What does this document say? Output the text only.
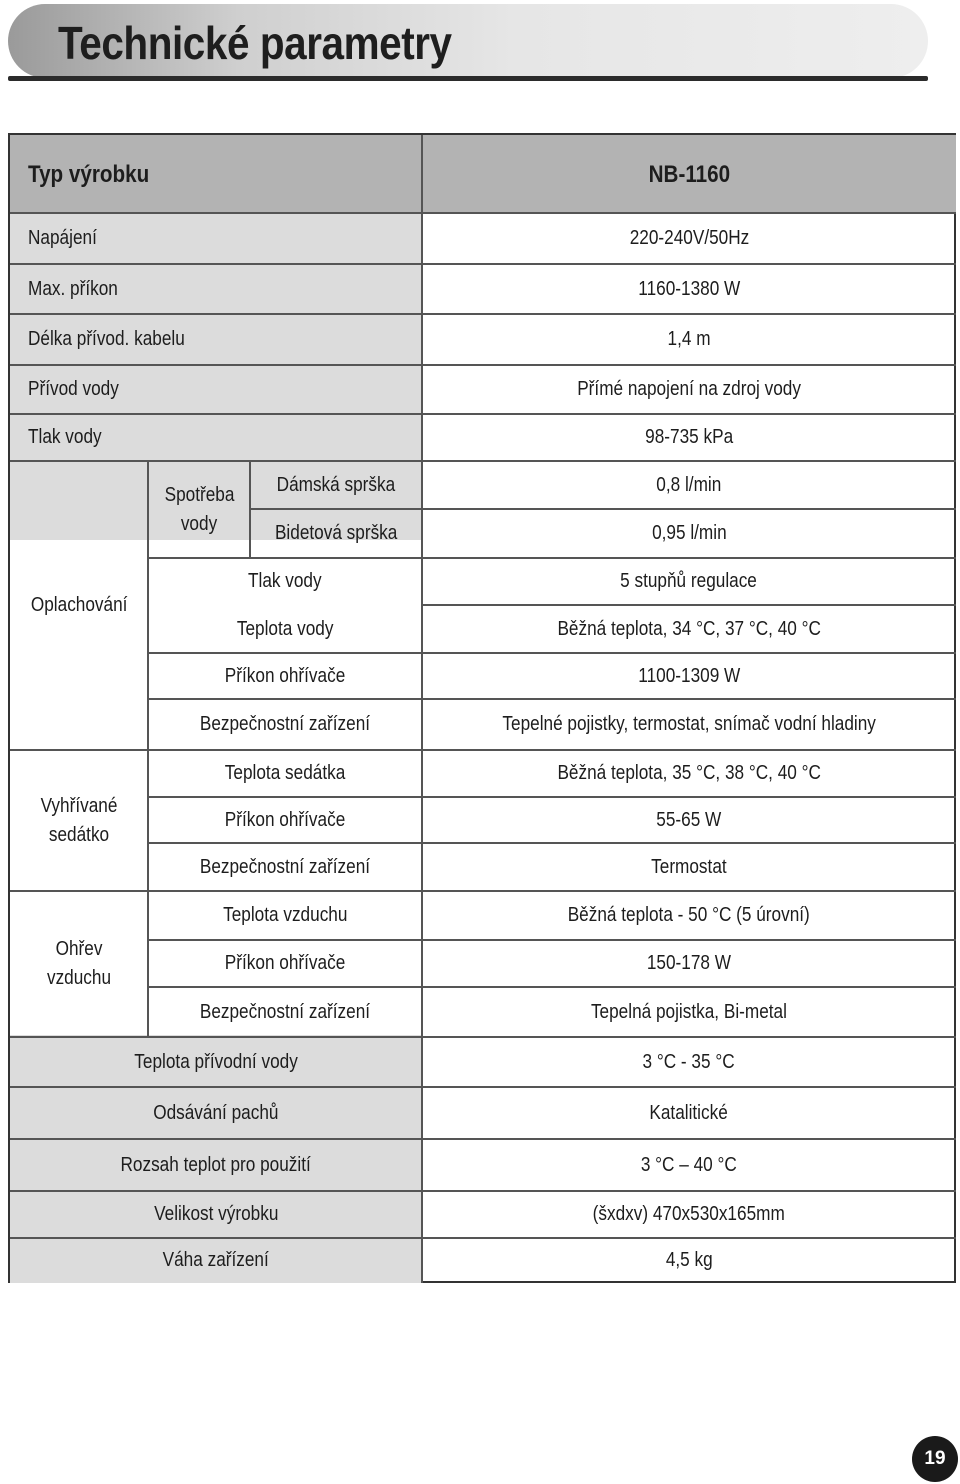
Technické parametry
Typ výrobku	NB-1160
Napájení	220-240V/50Hz
Max. příkon	1160-1380 W
Délka přívod. kabelu	1,4 m
Přívod vody	Přímé napojení na zdroj vody
Tlak vody	98-735 kPa
Oplachování
Spotřeba vody
Dámská sprška	0,8 l/min
Bidetová sprška	0,95 l/min
Tlak vody	5 stupňů regulace
Teplota vody	Běžná teplota, 34 °C, 37 °C, 40 °C
Příkon ohřívače	1100-1309 W
Bezpečnostní zařízení	Tepelné pojistky, termostat, snímač vodní hladiny
Vyhřívané sedátko
Teplota sedátka	Běžná teplota, 35 °C, 38 °C, 40 °C
Příkon ohřívače	55-65 W
Bezpečnostní zařízení	Termostat
Ohřev vzduchu
Teplota vzduchu	Běžná teplota - 50 °C (5 úrovní)
Příkon ohřívače	150-178 W
Bezpečnostní zařízení	Tepelná pojistka, Bi-metal
Teplota přívodní vody	3 °C - 35 °C
Odsávání pachů	Katalitické
Rozsah teplot pro použití	3 °C – 40 °C
Velikost výrobku	(šxdxv) 470x530x165mm
Váha zařízení	4,5 kg
19
